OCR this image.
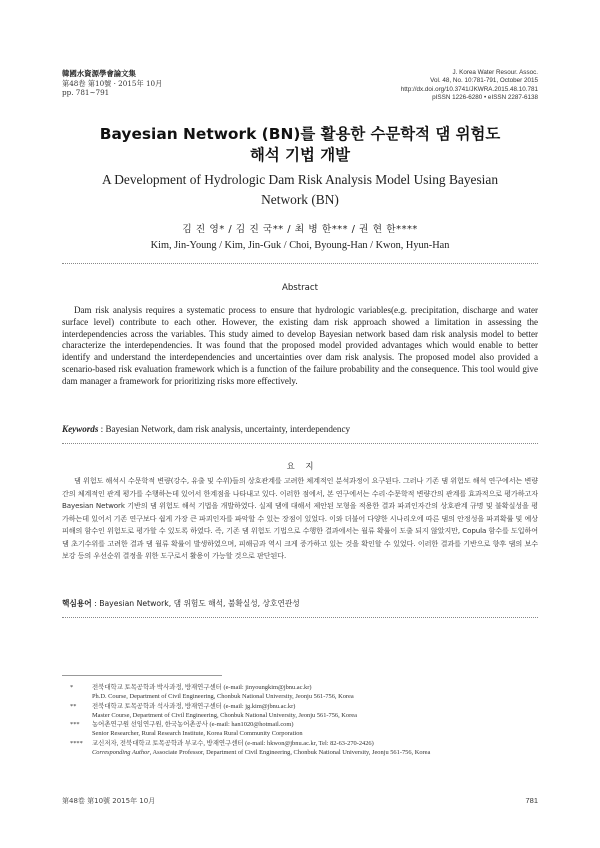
韓國水資源學會論文集
第48卷 第10號 · 2015年 10月
pp. 781~791
J. Korea Water Resour. Assoc.
Vol. 48, No. 10:781-791, October 2015
http://dx.doi.org/10.3741/JKWRA.2015.48.10.781
pISSN 1226-6280 • eISSN 2287-6138
Bayesian Network (BN)를 활용한 수문학적 댐 위험도
해석 기법 개발
A Development of Hydrologic Dam Risk Analysis Model Using Bayesian
Network (BN)
김 진 영* / 김 진 국** / 최 병 한*** / 권 현 한****
Kim, Jin-Young / Kim, Jin-Guk / Choi, Byoung-Han / Kwon, Hyun-Han
Abstract
Dam risk analysis requires a systematic process to ensure that hydrologic variables(e.g. precipitation, discharge and water surface level) contribute to each other. However, the existing dam risk approach showed a limitation in assessing the interdependencies across the variables. This study aimed to develop Bayesian network based dam risk analysis model to better characterize the interdependencies. It was found that the proposed model provided advantages which would enable to better identify and understand the interdependencies and uncertainties over dam risk analysis. The proposed model also provided a scenario-based risk evaluation framework which is a function of the failure probability and the consequence. This tool would give dam manager a framework for prioritizing risks more effectively.
Keywords : Bayesian Network, dam risk analysis, uncertainty, interdependency
요    지
댐 위험도 해석시 수문학적 변량(강수, 유출 및 수위)들의 상호관계를 고려한 체계적인 분석과정이 요구된다. 그러나 기존 댐 위험도 해석 연구에서는 변량간의 체계적인 관계 평가를 수행하는데 있어서 한계점을 나타내고 있다. 이러한 점에서, 본 연구에서는 수리·수문학적 변량간의 관계를 효과적으로 평가하고자 Bayesian Network 기반의 댐 위험도 해석 기법을 개발하였다. 실제 댐에 대해서 제안된 모형을 적용한 결과 파괴인자간의 상호관계 규명 및 불확실성을 평가하는데 있어서 기존 연구보다 쉽게 가장 큰 파괴인자를 파악할 수 있는 장점이 있었다. 이와 더불어 다양한 시나리오에 따른 댐의 안정성을 파괴확률 및 예상피해의 함수인 위험도로 평가할 수 있도록 하였다. 즉, 기존 댐 위험도 기법으로 수행한 결과에서는 월류 확률이 도출 되지 않았지만, Copula 함수를 도입하여 댐 초기수위를 고려한 결과 댐 월류 확률이 발생하였으며, 피해금과 역시 크게 증가하고 있는 것을 확인할 수 있었다. 이러한 결과를 기반으로 향후 댐의 보수보강 등의 우선순위 결정을 위한 도구로서 활용이 가능할 것으로 판단된다.
핵심용어 : Bayesian Network, 댐 위험도 해석, 불확실성, 상호연관성
*	전북대학교 토목공학과 박사과정, 방재연구센터 (e-mail: jinyoungkim@jbnu.ac.kr)
Ph.D. Course, Department of Civil Engineering, Chonbuk National University, Jeonju 561-756, Korea
**	전북대학교 토목공학과 석사과정, 방재연구센터 (e-mail: jg.kim@jbnu.ac.kr)
Master Course, Department of Civil Engineering, Chonbuk National University, Jeonju 561-756, Korea
***	농어촌연구원 선임연구원, 한국농어촌공사 (e-mail: han1020@hotmail.com)
Senior Researcher, Rural Research Institute, Korea Rural Community Corporation
****	교신저자, 전북대학교 토목공학과 부교수, 방재연구센터 (e-mail: hkwon@jbnu.ac.kr, Tel: 82-63-270-2426)
Corresponding Author, Associate Professor, Department of Civil Engineering, Chonbuk National University, Jeonju 561-756, Korea
第48卷 第10號 2015年 10月	781
